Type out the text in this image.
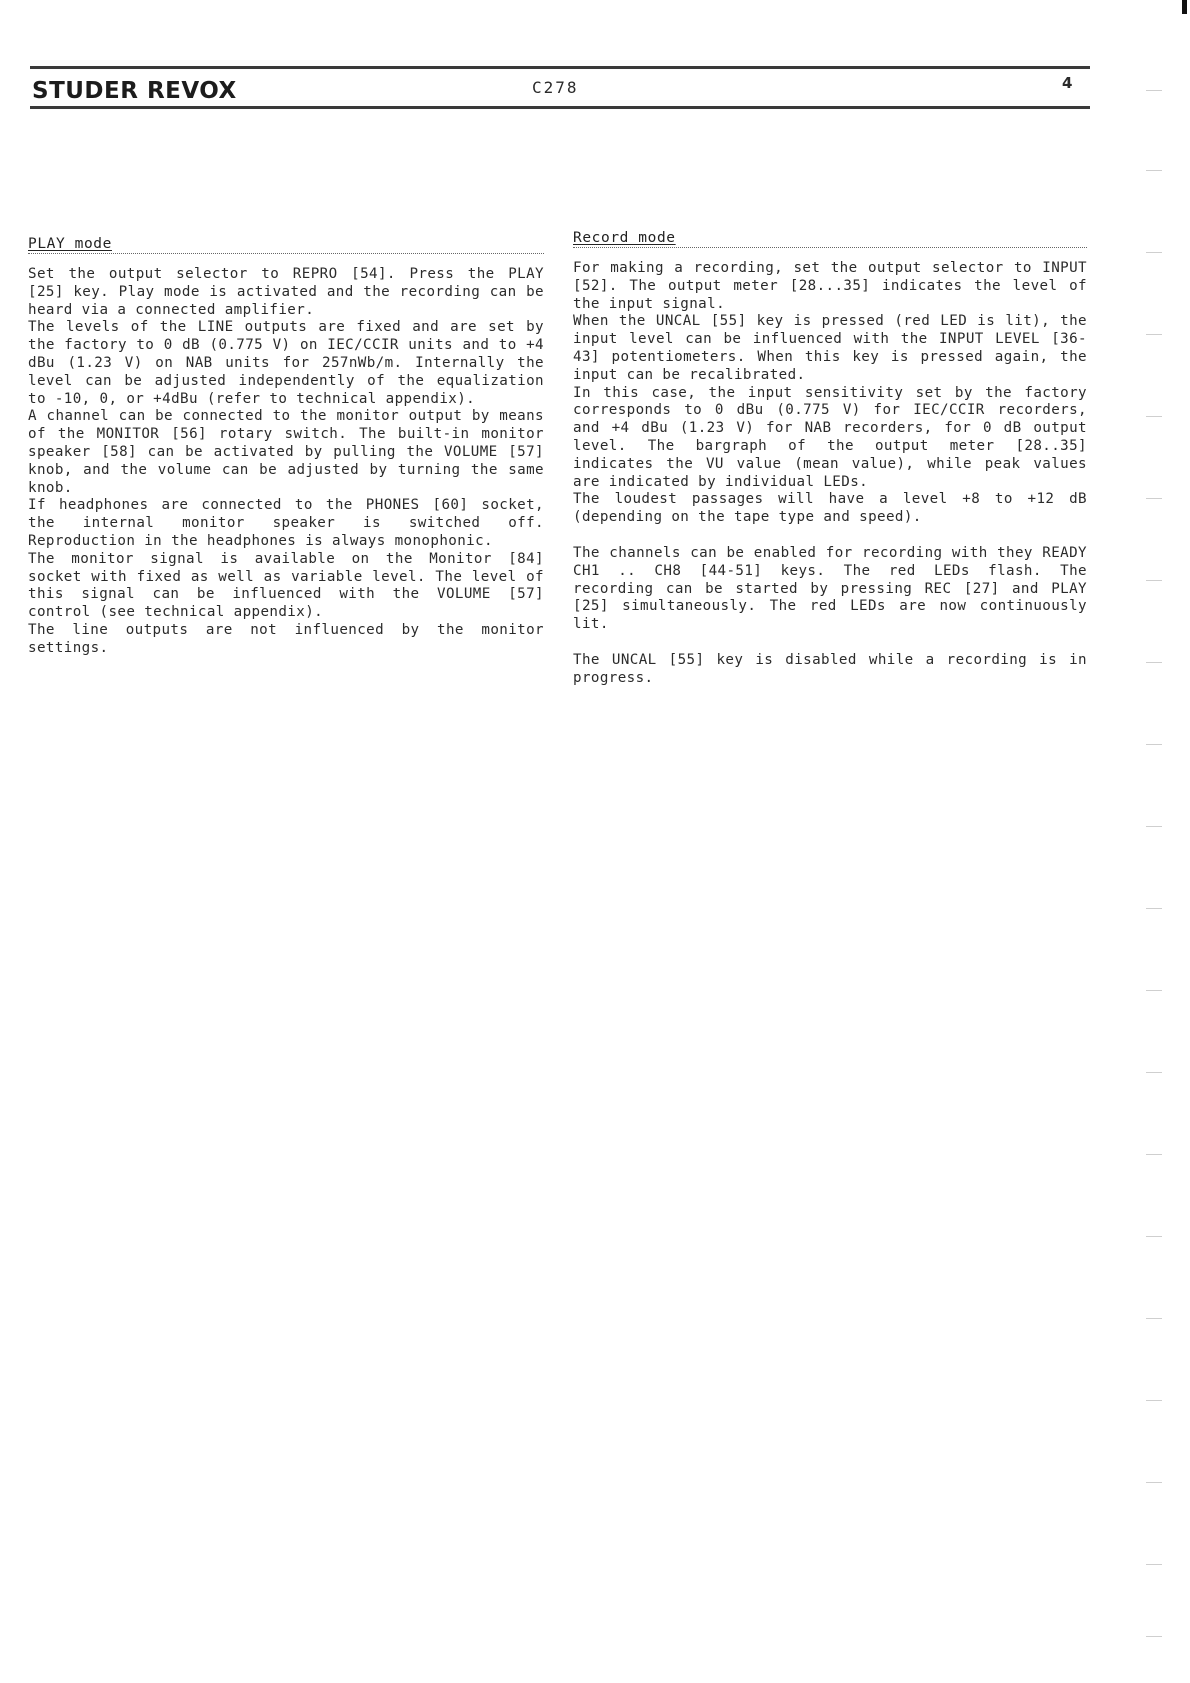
STUDER REVOX	C278	4
PLAY mode

Set the output selector to REPRO [54]. Press the PLAY [25] key. Play mode is activated and the recording can be heard via a connected amplifier.

The levels of the LINE outputs are fixed and are set by the factory to 0 dB (0.775 V) on IEC/CCIR units and to +4 dBu (1.23 V) on NAB units for 257nWb/m. Internally the level can be adjusted independently of the equalization to -10, 0, or +4dBu (refer to technical appendix).

A channel can be connected to the monitor output by means of the MONITOR [56] rotary switch. The built-in monitor speaker [58] can be activated by pulling the VOLUME [57] knob, and the volume can be adjusted by turning the same knob.

If headphones are connected to the PHONES [60] socket, the internal monitor speaker is switched off. Reproduction in the headphones is always monophonic.

The monitor signal is available on the Monitor [84] socket with fixed as well as variable level. The level of this signal can be influenced with the VOLUME [57] control (see technical appendix).

The line outputs are not influenced by the monitor settings.

Record mode

For making a recording, set the output selector to INPUT [52]. The output meter [28...35] indicates the level of the input signal.

When the UNCAL [55] key is pressed (red LED is lit), the input level can be influenced with the INPUT LEVEL [36-43] potentiometers. When this key is pressed again, the input can be recalibrated.

In this case, the input sensitivity set by the factory corresponds to 0 dBu (0.775 V) for IEC/CCIR recorders, and +4 dBu (1.23 V) for NAB recorders, for 0 dB output level. The bargraph of the output meter [28..35] indicates the VU value (mean value), while peak values are indicated by individual LEDs.

The loudest passages will have a level +8 to +12 dB (depending on the tape type and speed).

The channels can be enabled for recording with they READY CH1 .. CH8 [44-51] keys. The red LEDs flash. The recording can be started by pressing REC [27] and PLAY [25] simultaneously. The red LEDs are now continuously lit.

The UNCAL [55] key is disabled while a recording is in progress.
